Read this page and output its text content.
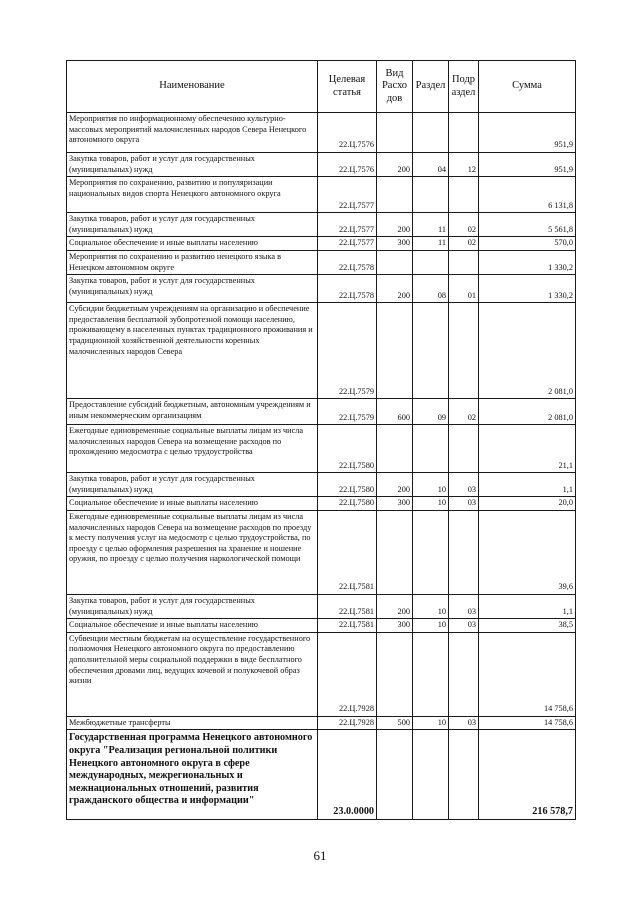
Наименование	Целевая статья	Вид Расхо дов	Раздел	Подр аздел	Сумма
Мероприятия по информационному обеспечению культурно-массовых мероприятий малочисленных народов Севера Ненецкого автономного округа	22.Ц.7576				951,9
Закупка товаров, работ и услуг для государственных (муниципальных) нужд	22.Ц.7576	200	04	12	951,9
Мероприятия по сохранению, развитию и популяризации национальных видов спорта Ненецкого автономного округа	22.Ц.7577				6 131,8
Закупка товаров, работ и услуг для государственных (муниципальных) нужд	22.Ц.7577	200	11	02	5 561,8
Социальное обеспечение и иные выплаты населению	22.Ц.7577	300	11	02	570,0
Мероприятия по сохранению и развитию ненецкого языка в Ненецком автономном округе	22.Ц.7578				1 330,2
Закупка товаров, работ и услуг для государственных (муниципальных) нужд	22.Ц.7578	200	08	01	1 330,2
Субсидии бюджетным учреждениям на организацию и обеспечение предоставления бесплатной зубопротезной помощи населению, проживающему в населенных пунктах традиционного проживания и традиционной хозяйственной деятельности коренных малочисленных народов Севера	22.Ц.7579				2 081,0
Предоставление субсидий бюджетным, автономным учреждениям и иным некоммерческим организациям	22.Ц.7579	600	09	02	2 081,0
Ежегодные единовременные социальные выплаты лицам из числа малочисленных народов Севера на возмещение расходов по прохождению медосмотра с целью трудоустройства	22.Ц.7580				21,1
Закупка товаров, работ и услуг для государственных (муниципальных) нужд	22.Ц.7580	200	10	03	1,1
Социальное обеспечение и иные выплаты населению	22.Ц.7580	300	10	03	20,0
Ежегодные единовременные социальные выплаты лицам из числа малочисленных народов Севера на возмещение расходов по проезду к месту получения услуг на медосмотр с целью трудоустройства, по проезду с целью оформления разрешения на хранение и ношение оружия, по проезду с целью получения наркологической помощи	22.Ц.7581				39,6
Закупка товаров, работ и услуг для государственных (муниципальных) нужд	22.Ц.7581	200	10	03	1,1
Социальное обеспечение и иные выплаты населению	22.Ц.7581	300	10	03	38,5
Субвенции местным бюджетам на осуществление государственного полномочия Ненецкого автономного округа по предоставлению дополнительной меры социальной поддержки в виде бесплатного обеспечения дровами лиц, ведущих кочевой и полукочевой образ жизни	22.Ц.7928				14 758,6
Межбюджетные трансферты	22.Ц.7928	500	10	03	14 758,6
Государственная программа Ненецкого автономного округа "Реализация региональной политики Ненецкого автономного округа в сфере международных, межрегиональных и межнациональных отношений, развития гражданского общества и информации"	23.0.0000				216 578,7
61
